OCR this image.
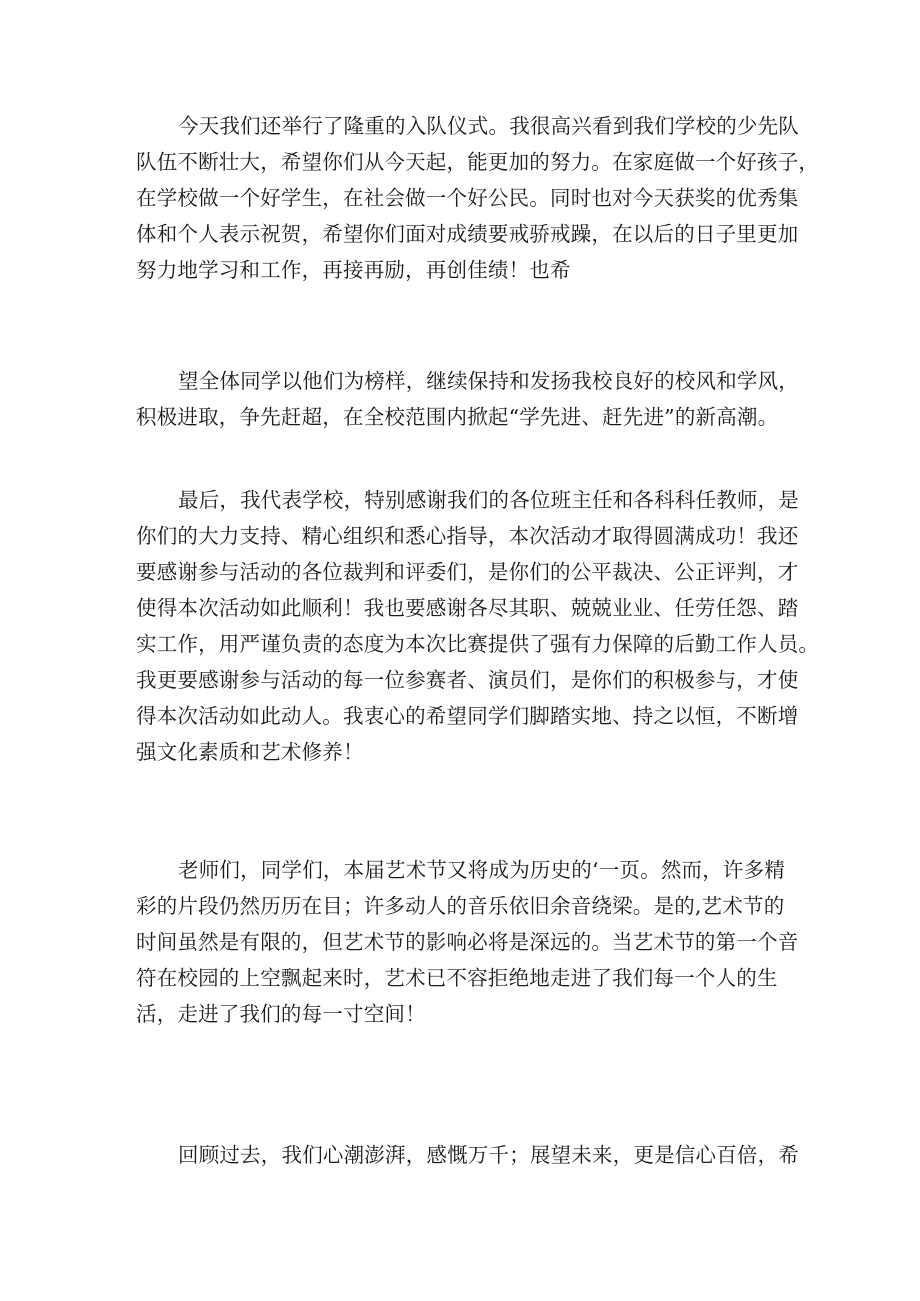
今天我们还举行了隆重的入队仪式。我很高兴看到我们学校的少先队
队伍不断壮大，希望你们从今天起，能更加的努力。在家庭做一个好孩子，
在学校做一个好学生，在社会做一个好公民。同时也对今天获奖的优秀集
体和个人表示祝贺，希望你们面对成绩要戒骄戒躁，在以后的日子里更加
努力地学习和工作，再接再励，再创佳绩！也希
望全体同学以他们为榜样，继续保持和发扬我校良好的校风和学风，
积极进取，争先赶超，在全校范围内掀起“学先进、赶先进”的新高潮。
最后，我代表学校，特别感谢我们的各位班主任和各科科任教师，是
你们的大力支持、精心组织和悉心指导，本次活动才取得圆满成功！我还
要感谢参与活动的各位裁判和评委们，是你们的公平裁决、公正评判，才
使得本次活动如此顺利！我也要感谢各尽其职、兢兢业业、任劳任怨、踏
实工作，用严谨负责的态度为本次比赛提供了强有力保障的后勤工作人员。
我更要感谢参与活动的每一位参赛者、演员们，是你们的积极参与，才使
得本次活动如此动人。我衷心的希望同学们脚踏实地、持之以恒，不断增
强文化素质和艺术修养！
老师们，同学们，本届艺术节又将成为历史的‘一页。然而，许多精
彩的片段仍然历历在目；许多动人的音乐依旧余音绕梁。是的,艺术节的
时间虽然是有限的，但艺术节的影响必将是深远的。当艺术节的第一个音
符在校园的上空飘起来时，艺术已不容拒绝地走进了我们每一个人的生
活，走进了我们的每一寸空间！
回顾过去，我们心潮澎湃，感慨万千；展望未来，更是信心百倍，希
